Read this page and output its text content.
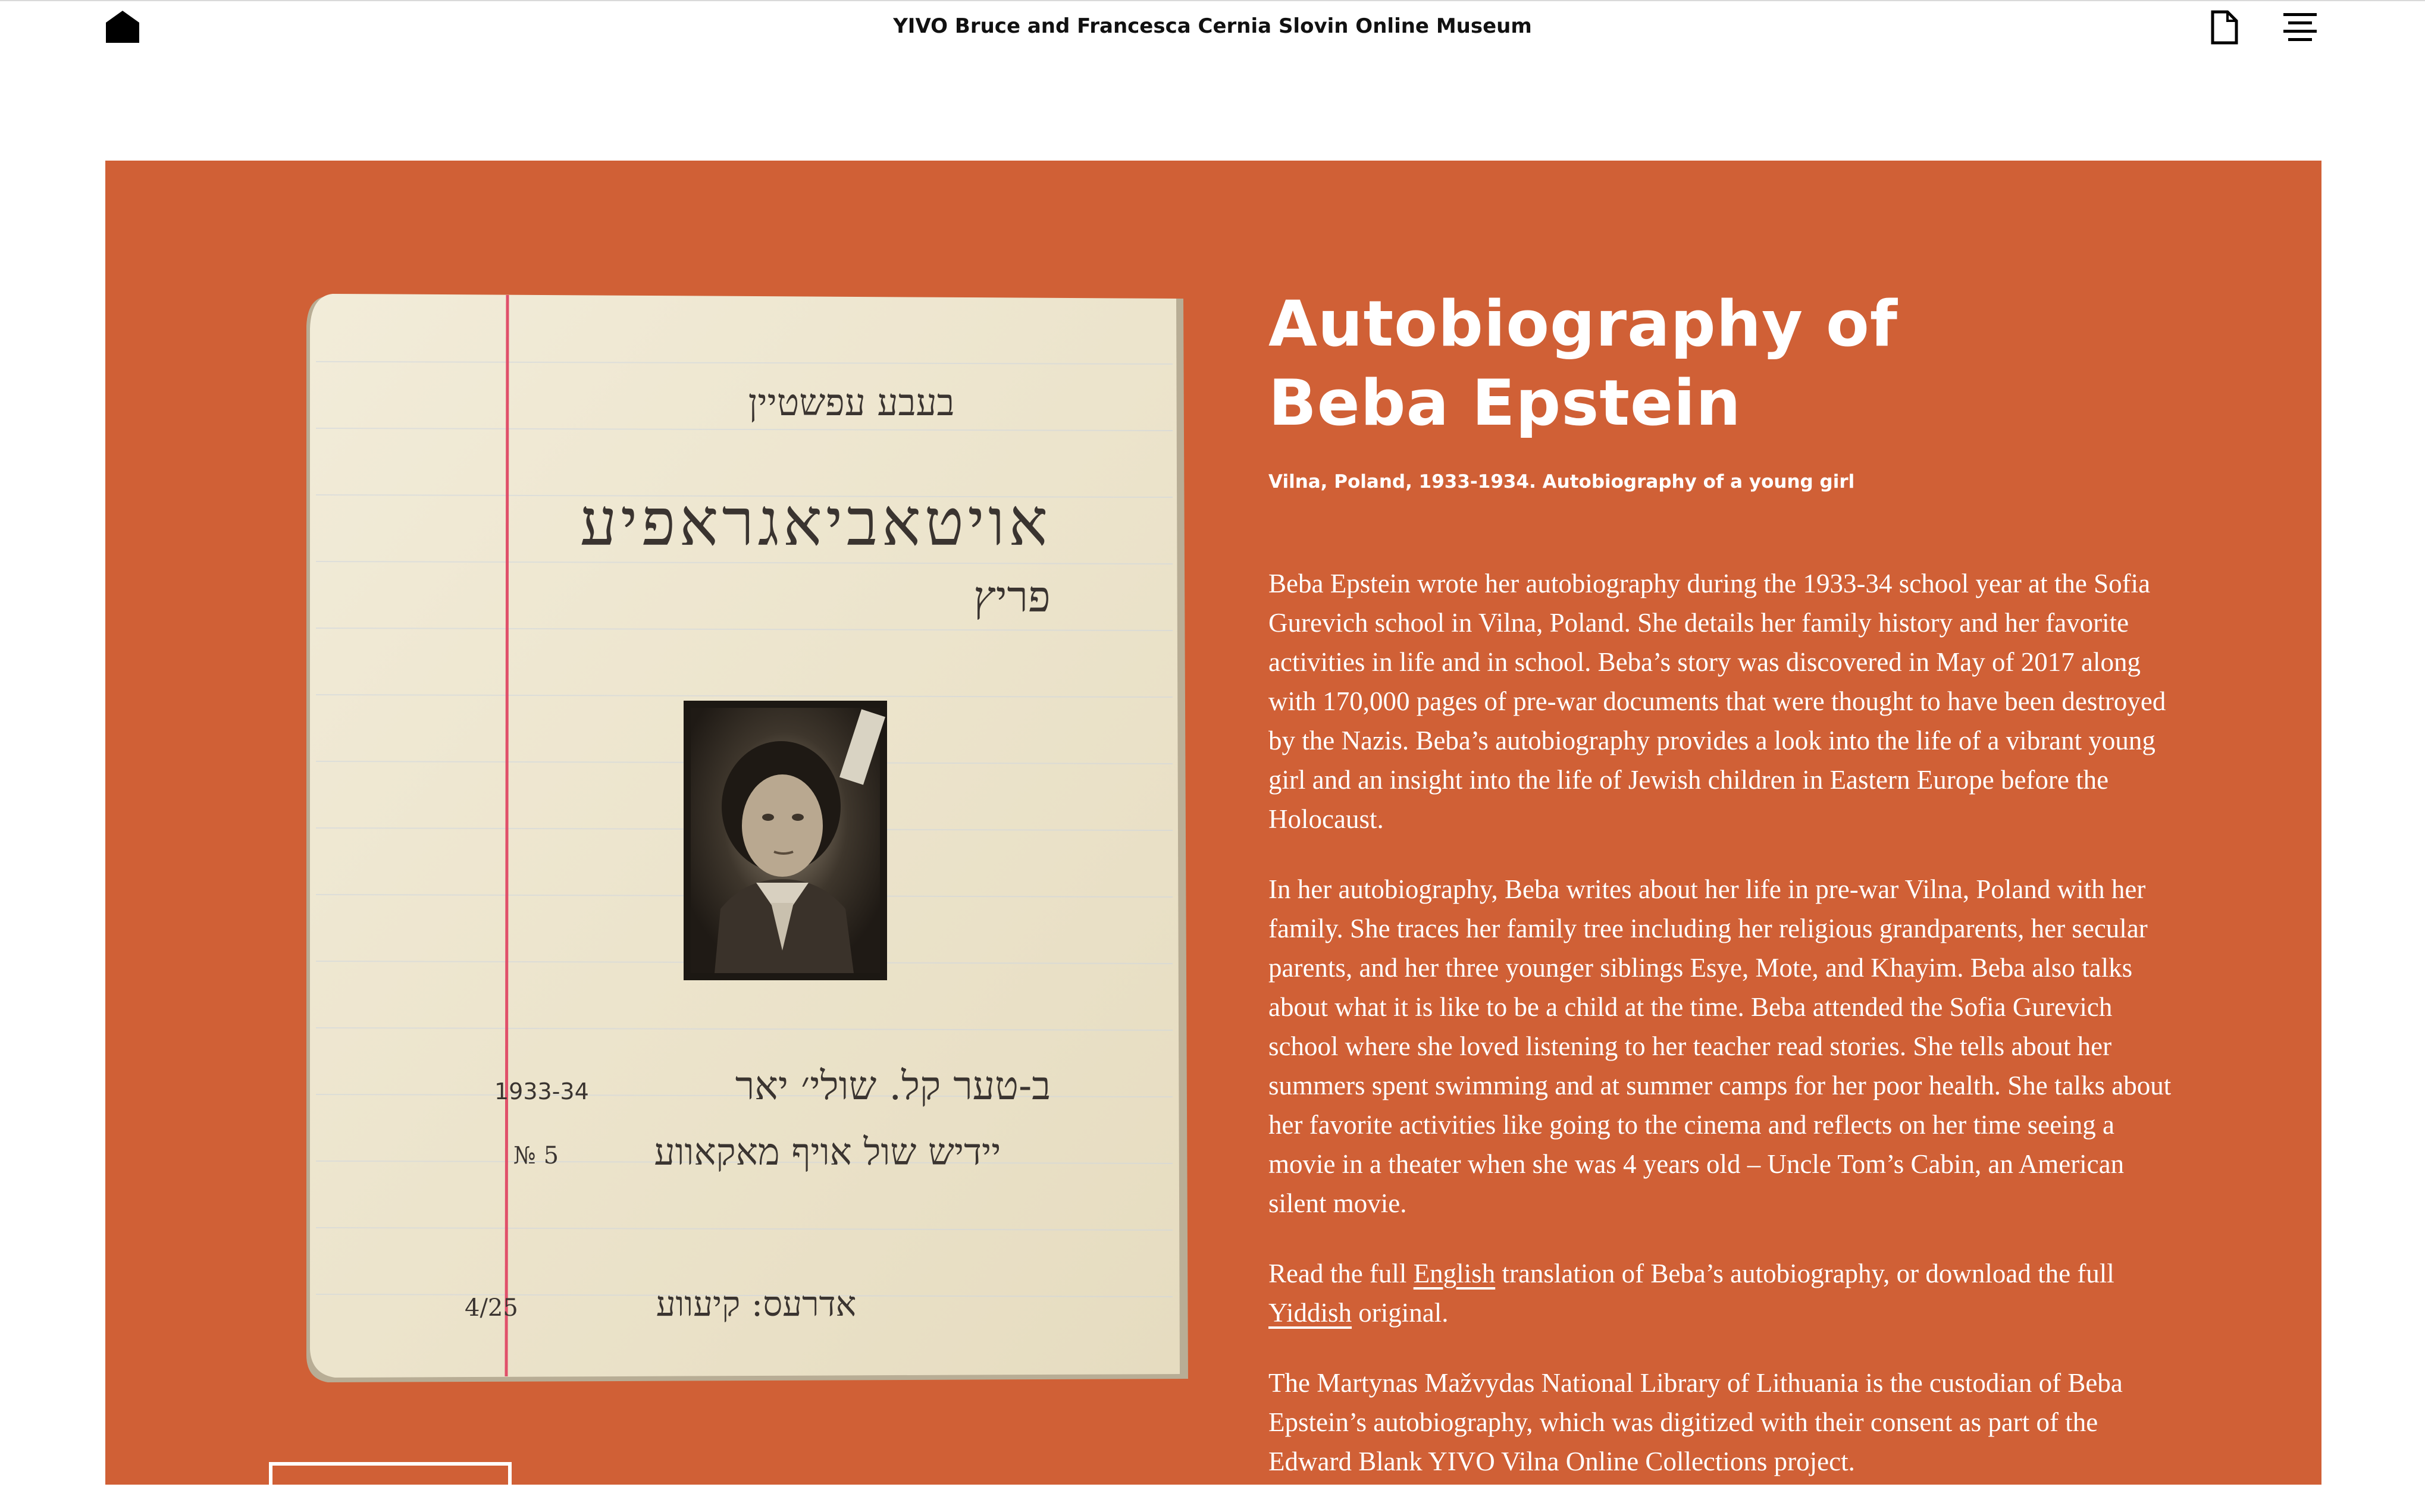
YIVO Bruce and Francesca Cernia Slovin Online Museum
בעבע עפשטיין
אויטאביאגראפיע
פריץ
ב-טער קל. שולי׳ יאר
יידיש שול אויף מאקאווע
אדרעס: קיעווע
1933-34
№ 5
4/25
Autobiography of Beba Epstein
Vilna, Poland, 1933-1934. Autobiography of a young girl

Beba Epstein wrote her autobiography during the 1933-34 school year at the Sofia Gurevich school in Vilna, Poland. She details her family history and her favorite activities in life and in school. Beba’s story was discovered in May of 2017 along with 170,000 pages of pre-war documents that were thought to have been destroyed by the Nazis. Beba’s autobiography provides a look into the life of a vibrant young girl and an insight into the life of Jewish children in Eastern Europe before the Holocaust.

In her autobiography, Beba writes about her life in pre-war Vilna, Poland with her family. She traces her family tree including her religious grandparents, her secular parents, and her three younger siblings Esye, Mote, and Khayim. Beba also talks about what it is like to be a child at the time. Beba attended the Sofia Gurevich school where she loved listening to her teacher read stories. She tells about her summers spent swimming and at summer camps for her poor health. She talks about her favorite activities like going to the cinema and reflects on her time seeing a movie in a theater when she was 4 years old – Uncle Tom’s Cabin, an American silent movie.

Read the full English translation of Beba’s autobiography, or download the full Yiddish original.

The Martynas Mažvydas National Library of Lithuania is the custodian of Beba Epstein’s autobiography, which was digitized with their consent as part of the Edward Blank YIVO Vilna Online Collections project.
